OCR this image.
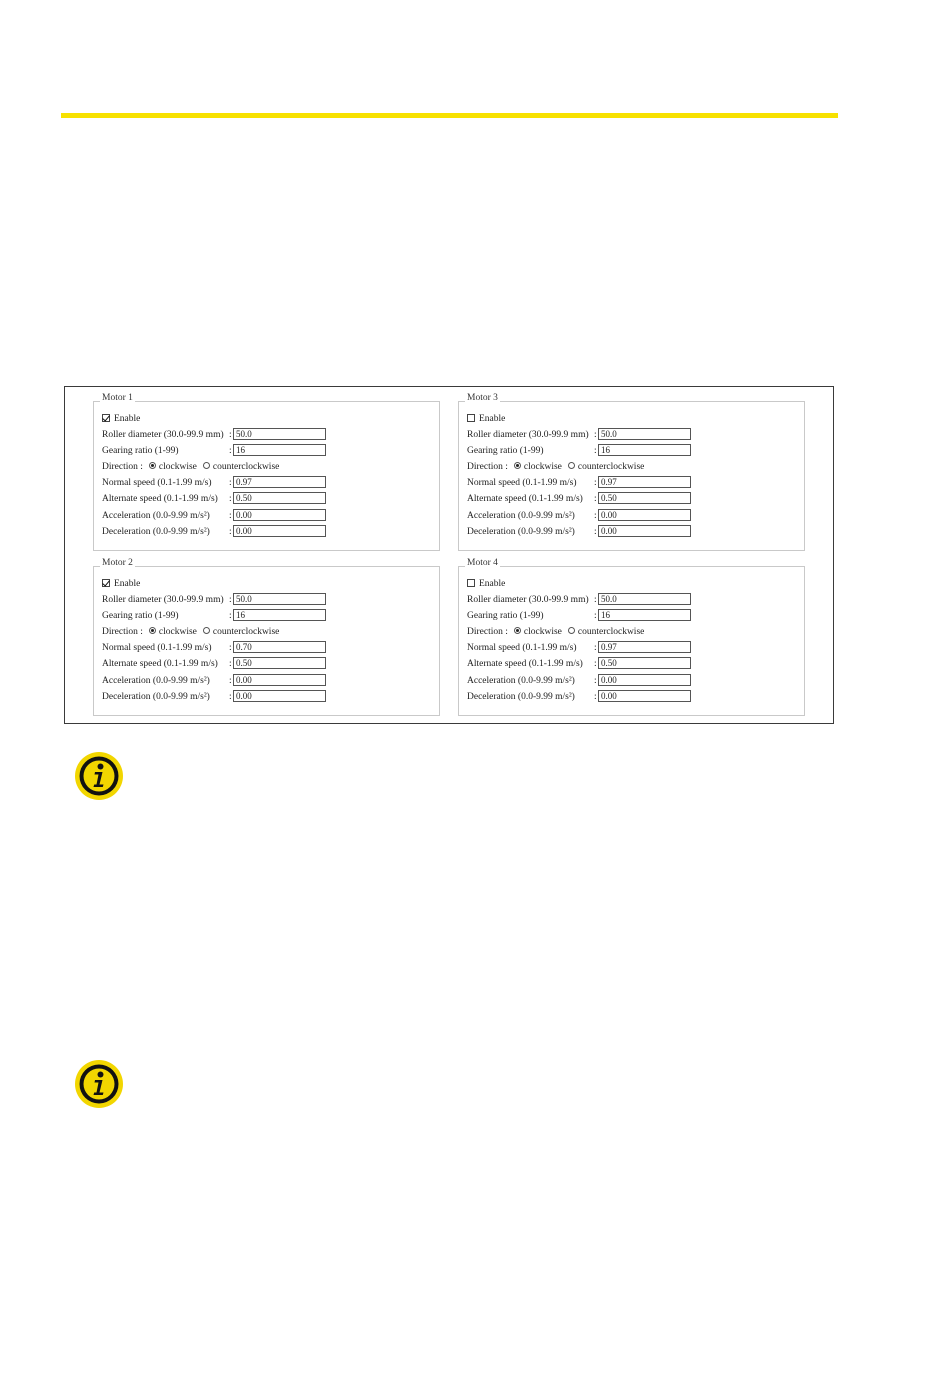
Motor 1
Enable
Roller diameter (30.0-99.9 mm) : 50.0
Gearing ratio (1-99)	: 16
Direction : clockwise counterclockwise
Normal speed (0.1-1.99 m/s) : 0.97
Alternate speed (0.1-1.99 m/s) : 0.50
Acceleration (0.0-9.99 m/s²) : 0.00
Deceleration (0.0-9.99 m/s²) : 0.00
Motor 2
Enable
Roller diameter (30.0-99.9 mm) : 50.0
Gearing ratio (1-99)	: 16
Direction : clockwise counterclockwise
Normal speed (0.1-1.99 m/s) : 0.70
Alternate speed (0.1-1.99 m/s) : 0.50
Acceleration (0.0-9.99 m/s²) : 0.00
Deceleration (0.0-9.99 m/s²) : 0.00
Motor 3
Enable
Roller diameter (30.0-99.9 mm) : 50.0
Gearing ratio (1-99)	: 16
Direction : clockwise counterclockwise
Normal speed (0.1-1.99 m/s) : 0.97
Alternate speed (0.1-1.99 m/s) : 0.50
Acceleration (0.0-9.99 m/s²) : 0.00
Deceleration (0.0-9.99 m/s²) : 0.00
Motor 4
Enable
Roller diameter (30.0-99.9 mm) : 50.0
Gearing ratio (1-99)	: 16
Direction : clockwise counterclockwise
Normal speed (0.1-1.99 m/s) : 0.97
Alternate speed (0.1-1.99 m/s) : 0.50
Acceleration (0.0-9.99 m/s²) : 0.00
Deceleration (0.0-9.99 m/s²) : 0.00
